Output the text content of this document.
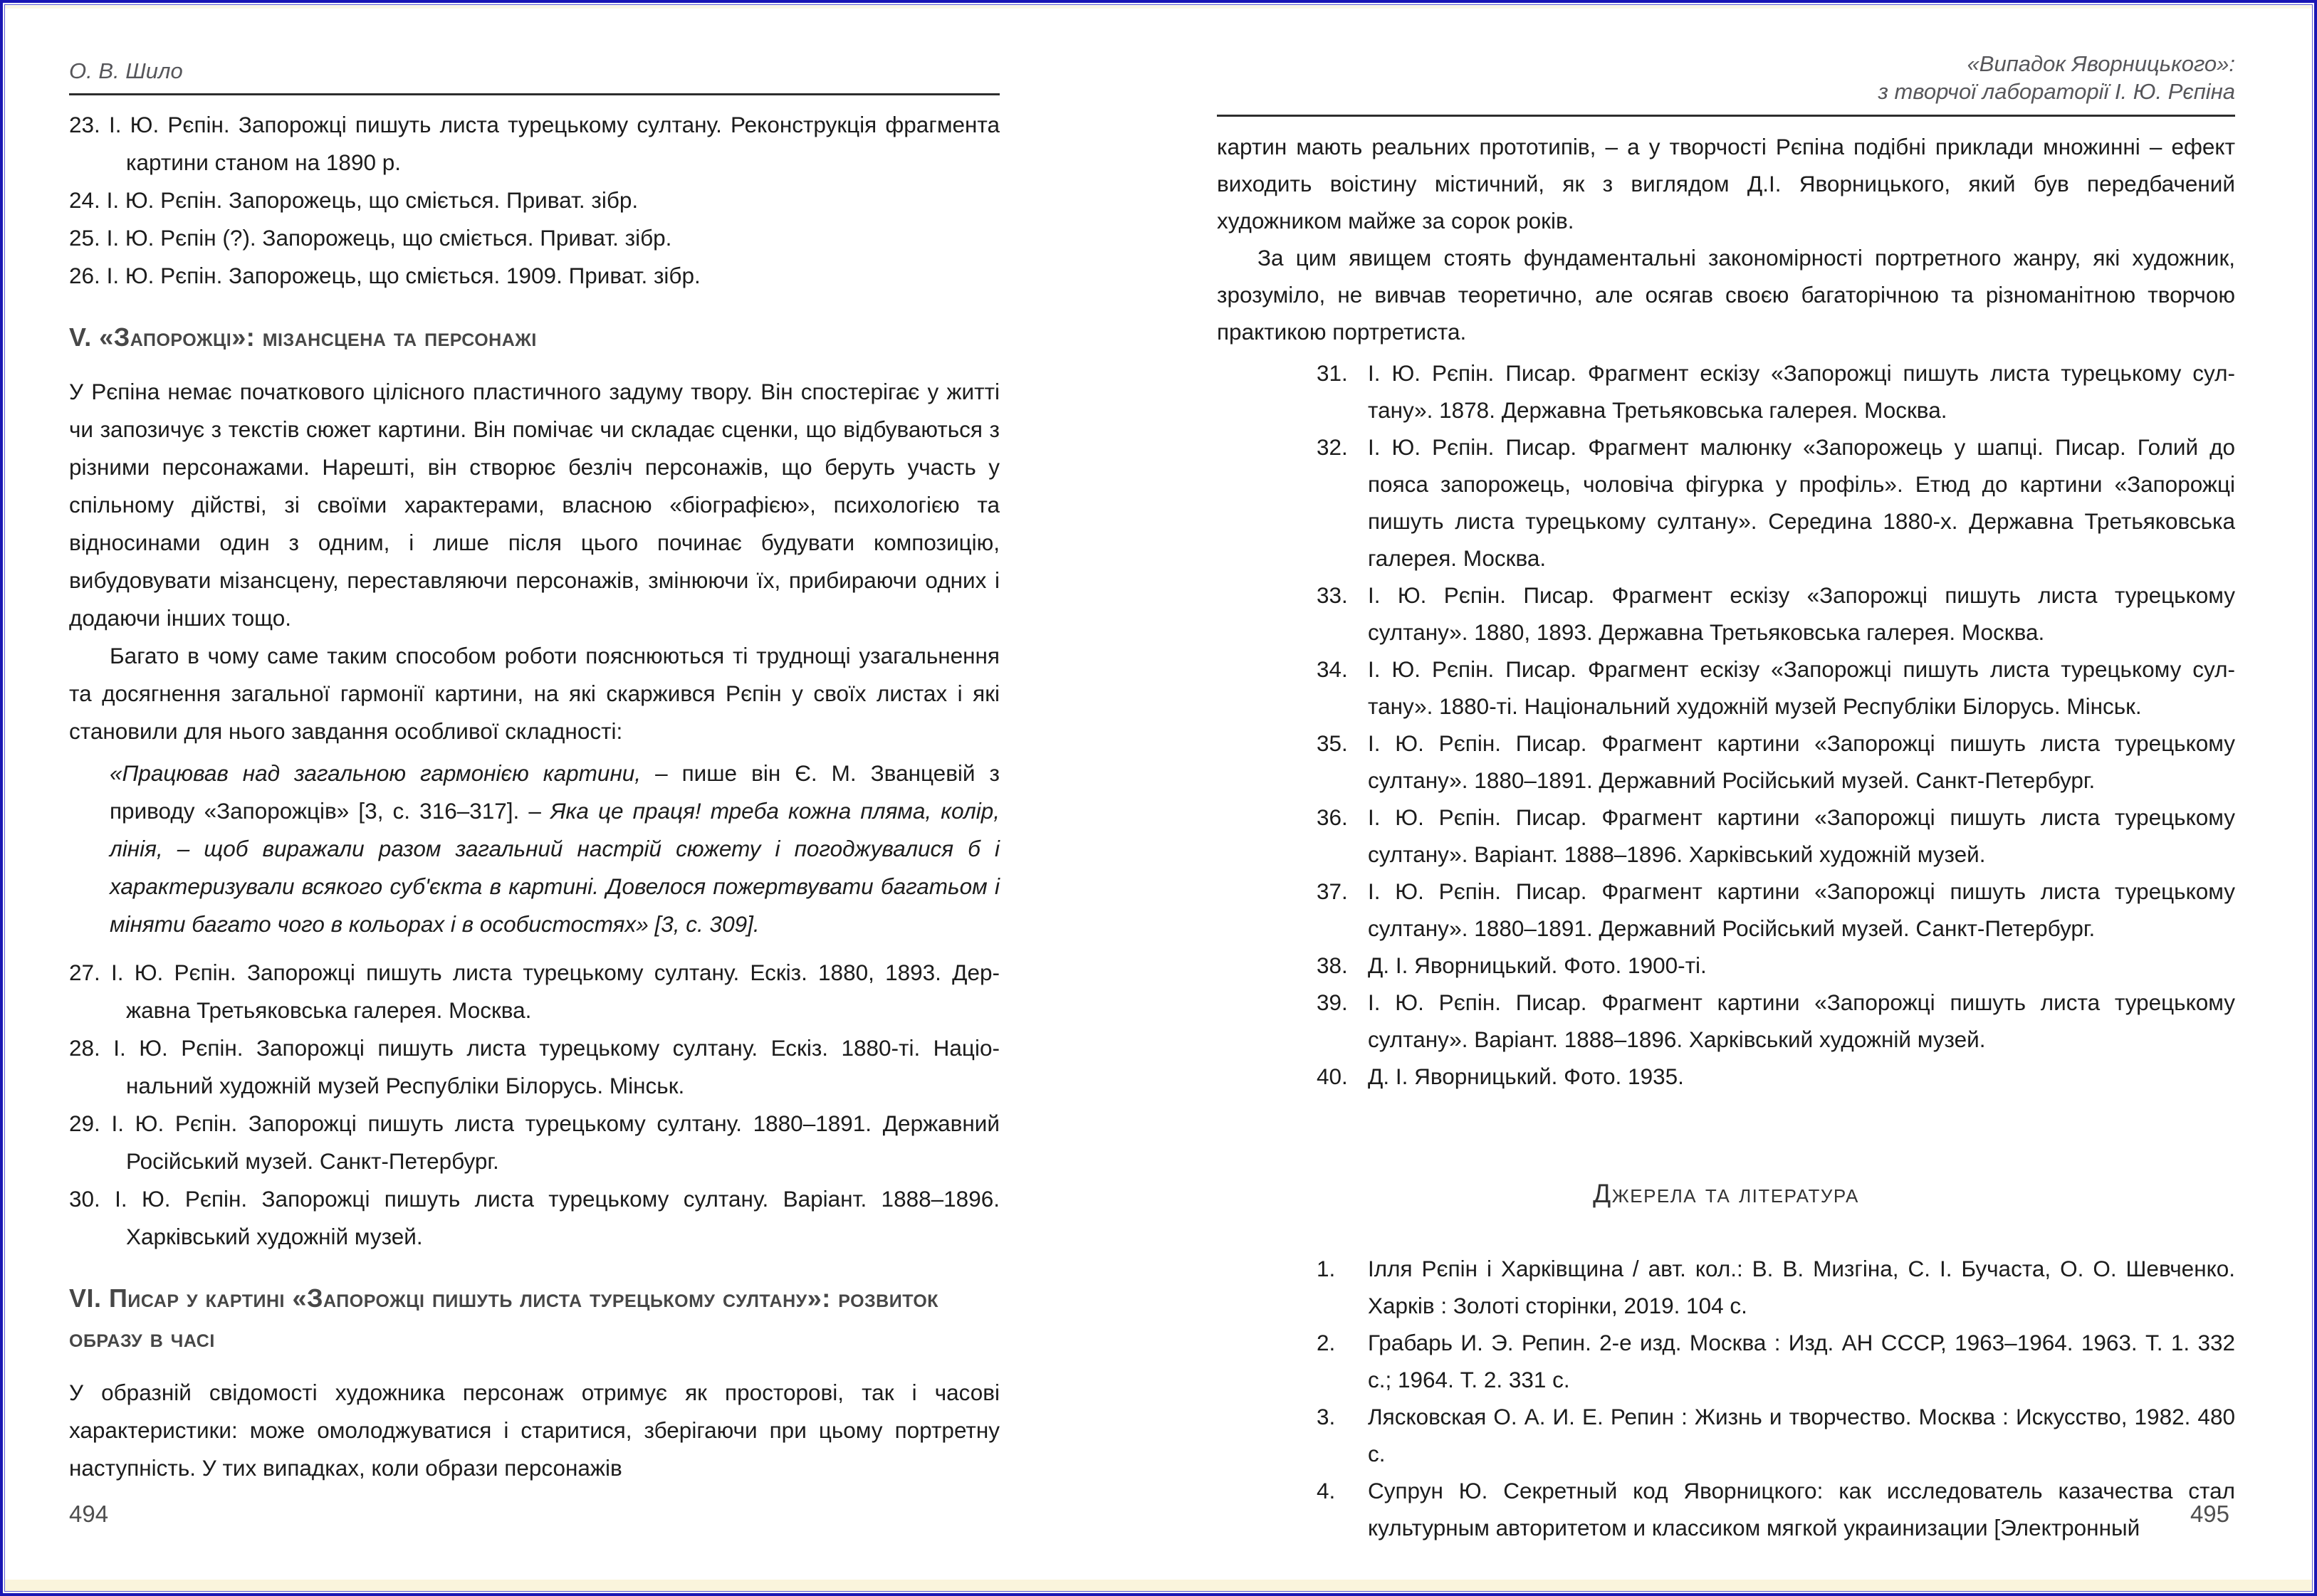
О. В. Шило
23. І. Ю. Рєпін. Запорожці пишуть листа турецькому султану. Реконструкція фрагмента картини станом на 1890 р.
24. І. Ю. Рєпін. Запорожець, що сміється. Приват. зібр.
25. І. Ю. Рєпін (?). Запорожець, що сміється. Приват. зібр.
26. І. Ю. Рєпін. Запорожець, що сміється. 1909. Приват. зібр.
V. «Запорожці»: мізансцена та персонажі

У Рєпіна немає початкового цілісного пластичного задуму твору. Він спостерігає у житті чи запозичує з текстів сюжет картини. Він помічає чи складає сценки, що відбуваються з різними персонажами. Нарешті, він створює безліч персонажів, що беруть участь у спільному дійстві, зі своїми характерами, власною «біографією», психологією та відносинами один з одним, і лише після цього починає будувати композицію, вибудовувати мізансцену, переставляючи персонажів, змінюючи їх, прибираючи одних і додаючи інших тощо.

Багато в чому саме таким способом роботи пояснюються ті труднощі узагальнення та досягнення загальної гармонії картини, на які скаржився Рєпін у своїх листах і які становили для нього завдання особливої складності:

«Працював над загальною гармонією картини, – пише він Є. М. Званцевій з приводу «Запорожців» [3, с. 316–317]. – Яка це праця! треба кожна пляма, колір, лінія, – щоб виражали разом загальний настрій сюжету і погоджувалися б і характеризували всякого суб'єкта в картині. Довелося пожертвувати багатьом і міняти багато чого в кольорах і в особистостях» [3, с. 309].
27. І. Ю. Рєпін. Запорожці пишуть листа турецькому султану. Ескіз. 1880, 1893. Державна Третьяковська галерея. Москва.
28. І. Ю. Рєпін. Запорожці пишуть листа турецькому султану. Ескіз. 1880-ті. Національний художній музей Республіки Білорусь. Мінськ.
29. І. Ю. Рєпін. Запорожці пишуть листа турецькому султану. 1880–1891. Державний Російський музей. Санкт-Петербург.
30. І. Ю. Рєпін. Запорожці пишуть листа турецькому султану. Варіант. 1888–1896. Харківський художній музей.
VI. Писар у картині «Запорожці пишуть листа турецькому султану»: розвиток образу в часі

У образній свідомості художника персонаж отримує як просторові, так і часові характеристики: може омолоджуватися і старитися, зберігаючи при цьому портретну наступність. У тих випадках, коли образи персонажів

494
«Випадок Яворницького»:
з творчої лабораторії І. Ю. Рєпіна

картин мають реальних прототипів, – а у творчості Рєпіна подібні приклади множинні – ефект виходить воістину містичний, як з виглядом Д.І. Яворницького, який був передбачений художником майже за сорок років.

За цим явищем стоять фундаментальні закономірності портретного жанру, які художник, зрозуміло, не вивчав теоретично, але осягав своєю багаторічною та різноманітною творчою практикою портретиста.

31. І. Ю. Рєпін. Писар. Фрагмент ескізу «Запорожці пишуть листа турецькому султану». 1878. Державна Третьяковська галерея. Москва.
32. І. Ю. Рєпін. Писар. Фрагмент малюнку «Запорожець у шапці. Писар. Голий до пояса запорожець, чоловіча фігурка у профіль». Етюд до картини «Запорожці пишуть листа турецькому султану». Середина 1880-х. Державна Третьяковська галерея. Москва.
33. І. Ю. Рєпін. Писар. Фрагмент ескізу «Запорожці пишуть листа турецькому султану». 1880, 1893. Державна Третьяковська галерея. Москва.
34. І. Ю. Рєпін. Писар. Фрагмент ескізу «Запорожці пишуть листа турецькому султану». 1880-ті. Національний художній музей Республіки Білорусь. Мінськ.
35. І. Ю. Рєпін. Писар. Фрагмент картини «Запорожці пишуть листа турецькому султану». 1880–1891. Державний Російський музей. Санкт-Петербург.
36. І. Ю. Рєпін. Писар. Фрагмент картини «Запорожці пишуть листа турецькому султану». Варіант. 1888–1896. Харківський художній музей.
37. І. Ю. Рєпін. Писар. Фрагмент картини «Запорожці пишуть листа турецькому султану». 1880–1891. Державний Російський музей. Санкт-Петербург.
38. Д. І. Яворницький. Фото. 1900-ті.
39. І. Ю. Рєпін. Писар. Фрагмент картини «Запорожці пишуть листа турецькому султану». Варіант. 1888–1896. Харківський художній музей.
40. Д. І. Яворницький. Фото. 1935.
Джерела та література
1. Ілля Рєпін і Харківщина / авт. кол.: В. В. Мизгіна, С. І. Бучаста, О. О. Шевченко. Харків : Золоті сторінки, 2019. 104 с.
2. Грабарь И. Э. Репин. 2-е изд. Москва : Изд. АН СССР, 1963–1964. 1963. Т. 1. 332 с.; 1964. Т. 2. 331 с.
3. Лясковская О. А. И. Е. Репин : Жизнь и творчество. Москва : Искусство, 1982. 480 с.
4. Супрун Ю. Секретный код Яворницкого: как исследователь казачества стал культурным авторитетом и классиком мягкой украинизации [Электронный
495
